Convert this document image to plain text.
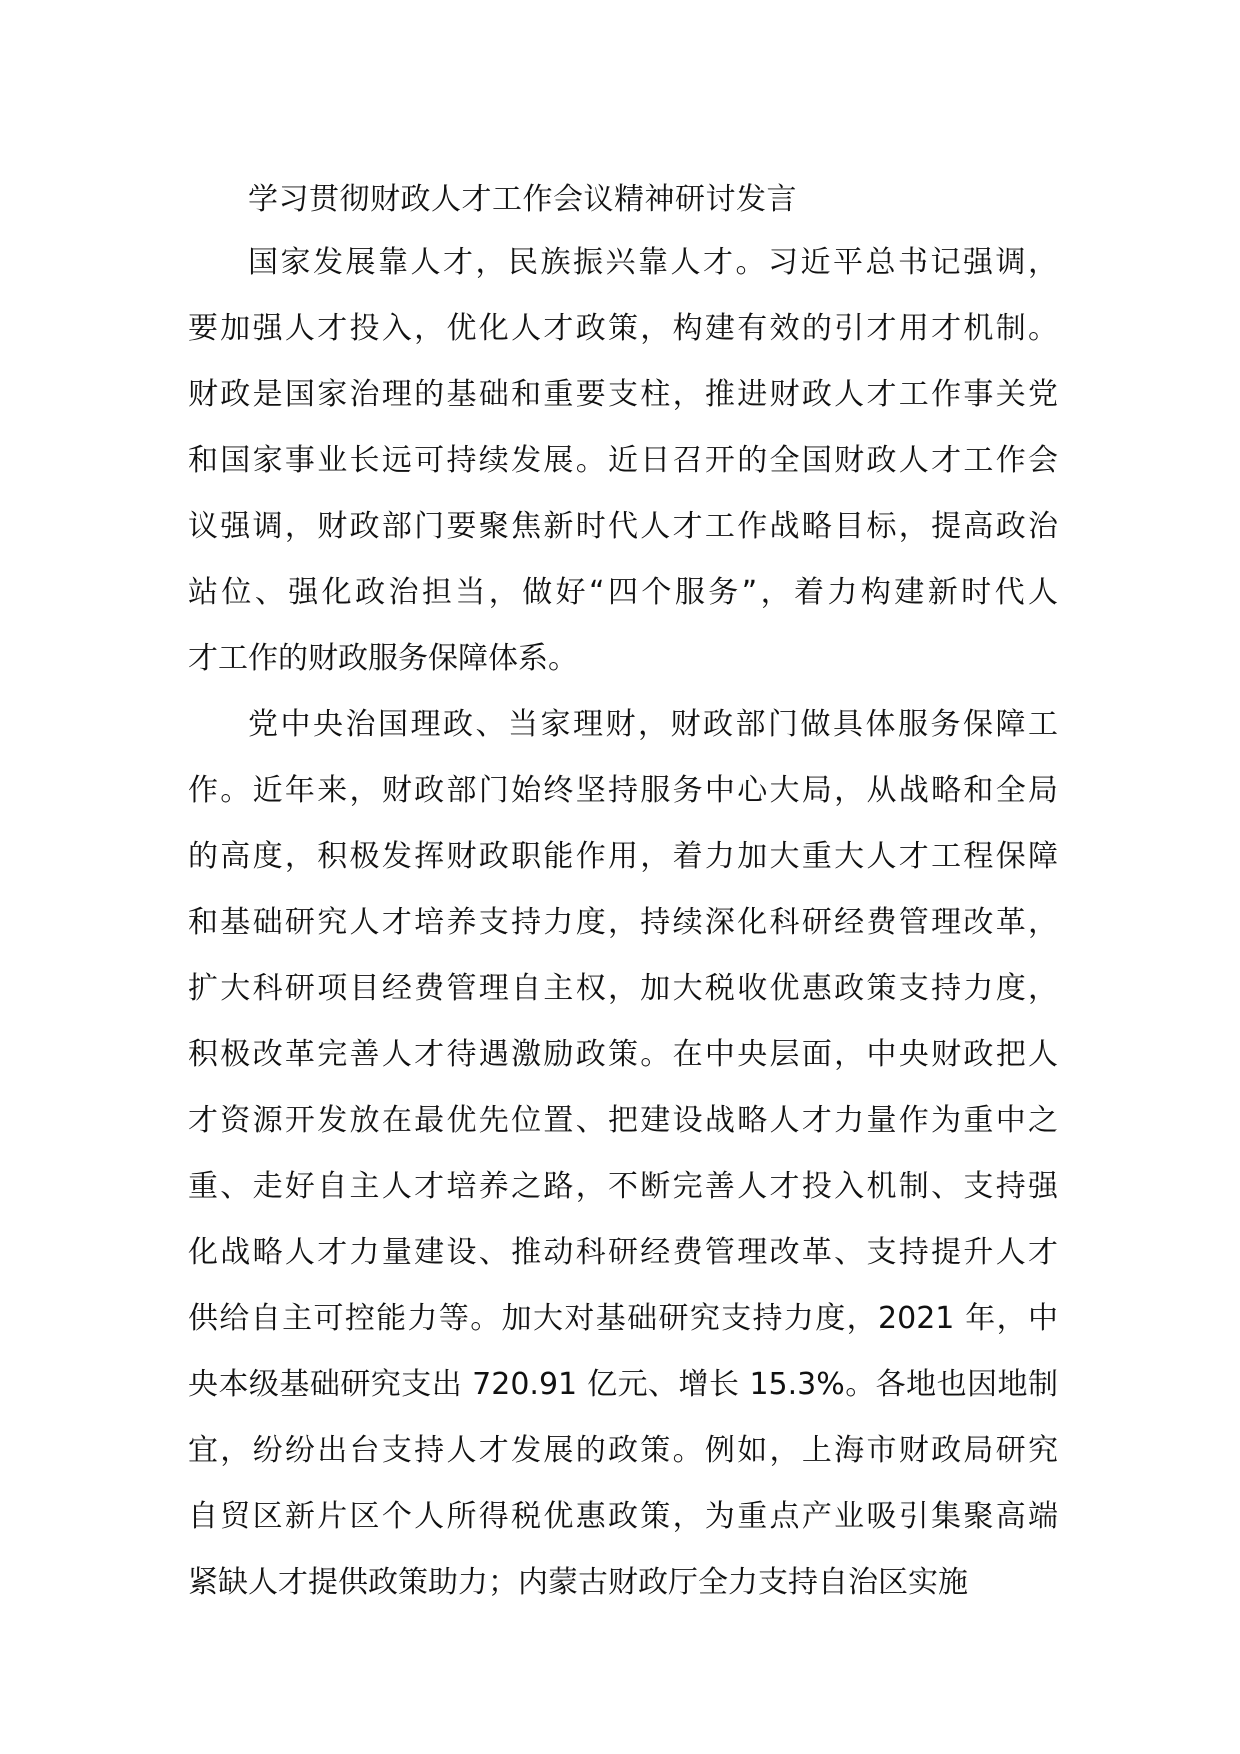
学习贯彻财政人才工作会议精神研讨发言
国家发展靠人才，民族振兴靠人才。习近平总书记强调，
要加强人才投入，优化人才政策，构建有效的引才用才机制。
财政是国家治理的基础和重要支柱，推进财政人才工作事关党
和国家事业长远可持续发展。近日召开的全国财政人才工作会
议强调，财政部门要聚焦新时代人才工作战略目标，提高政治
站位、强化政治担当，做好“四个服务”，着力构建新时代人
才工作的财政服务保障体系。
党中央治国理政、当家理财，财政部门做具体服务保障工
作。近年来，财政部门始终坚持服务中心大局，从战略和全局
的高度，积极发挥财政职能作用，着力加大重大人才工程保障
和基础研究人才培养支持力度，持续深化科研经费管理改革，
扩大科研项目经费管理自主权，加大税收优惠政策支持力度，
积极改革完善人才待遇激励政策。在中央层面，中央财政把人
才资源开发放在最优先位置、把建设战略人才力量作为重中之
重、走好自主人才培养之路，不断完善人才投入机制、支持强
化战略人才力量建设、推动科研经费管理改革、支持提升人才
供给自主可控能力等。加大对基础研究支持力度，2021 年，中
央本级基础研究支出 720.91 亿元、增长 15.3%。各地也因地制
宜，纷纷出台支持人才发展的政策。例如，上海市财政局研究
自贸区新片区个人所得税优惠政策，为重点产业吸引集聚高端
紧缺人才提供政策助力；内蒙古财政厅全力支持自治区实施
